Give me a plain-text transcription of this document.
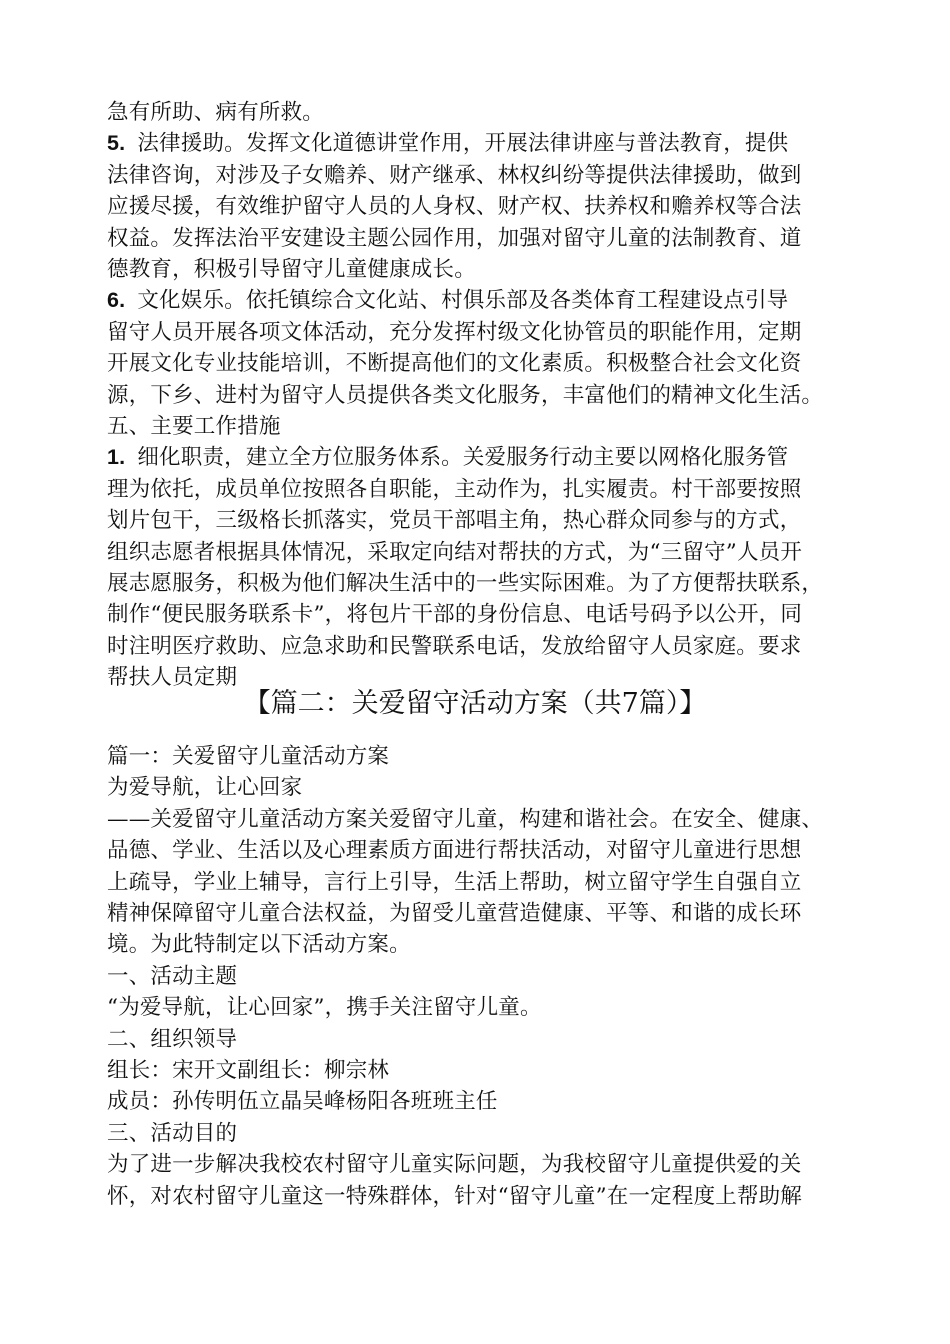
急有所助、病有所救。
5. 法律援助。发挥文化道德讲堂作用，开展法律讲座与普法教育，提供
法律咨询，对涉及子女赡养、财产继承、林权纠纷等提供法律援助，做到
应援尽援，有效维护留守人员的人身权、财产权、扶养权和赡养权等合法
权益。发挥法治平安建设主题公园作用，加强对留守儿童的法制教育、道
德教育，积极引导留守儿童健康成长。
6. 文化娱乐。依托镇综合文化站、村俱乐部及各类体育工程建设点引导
留守人员开展各项文体活动，充分发挥村级文化协管员的职能作用，定期
开展文化专业技能培训，不断提高他们的文化素质。积极整合社会文化资
源，下乡、进村为留守人员提供各类文化服务，丰富他们的精神文化生活。
五、主要工作措施
1. 细化职责，建立全方位服务体系。关爱服务行动主要以网格化服务管
理为依托，成员单位按照各自职能，主动作为，扎实履责。村干部要按照
划片包干，三级格长抓落实，党员干部唱主角，热心群众同参与的方式，
组织志愿者根据具体情况，采取定向结对帮扶的方式，为“三留守”人员开
展志愿服务，积极为他们解决生活中的一些实际困难。为了方便帮扶联系，
制作“便民服务联系卡”，将包片干部的身份信息、电话号码予以公开，同
时注明医疗救助、应急求助和民警联系电话，发放给留守人员家庭。要求
帮扶人员定期
【篇二：关爱留守活动方案（共7篇）】
篇一：关爱留守儿童活动方案
为爱导航，让心回家
——关爱留守儿童活动方案关爱留守儿童，构建和谐社会。在安全、健康、
品德、学业、生活以及心理素质方面进行帮扶活动，对留守儿童进行思想
上疏导，学业上辅导，言行上引导，生活上帮助，树立留守学生自强自立
精神保障留守儿童合法权益，为留受儿童营造健康、平等、和谐的成长环
境。为此特制定以下活动方案。
一、活动主题
“为爱导航，让心回家”，携手关注留守儿童。
二、组织领导
组长：宋开文副组长：柳宗林
成员：孙传明伍立晶吴峰杨阳各班班主任
三、活动目的
为了进一步解决我校农村留守儿童实际问题，为我校留守儿童提供爱的关
怀，对农村留守儿童这一特殊群体，针对“留守儿童”在一定程度上帮助解
